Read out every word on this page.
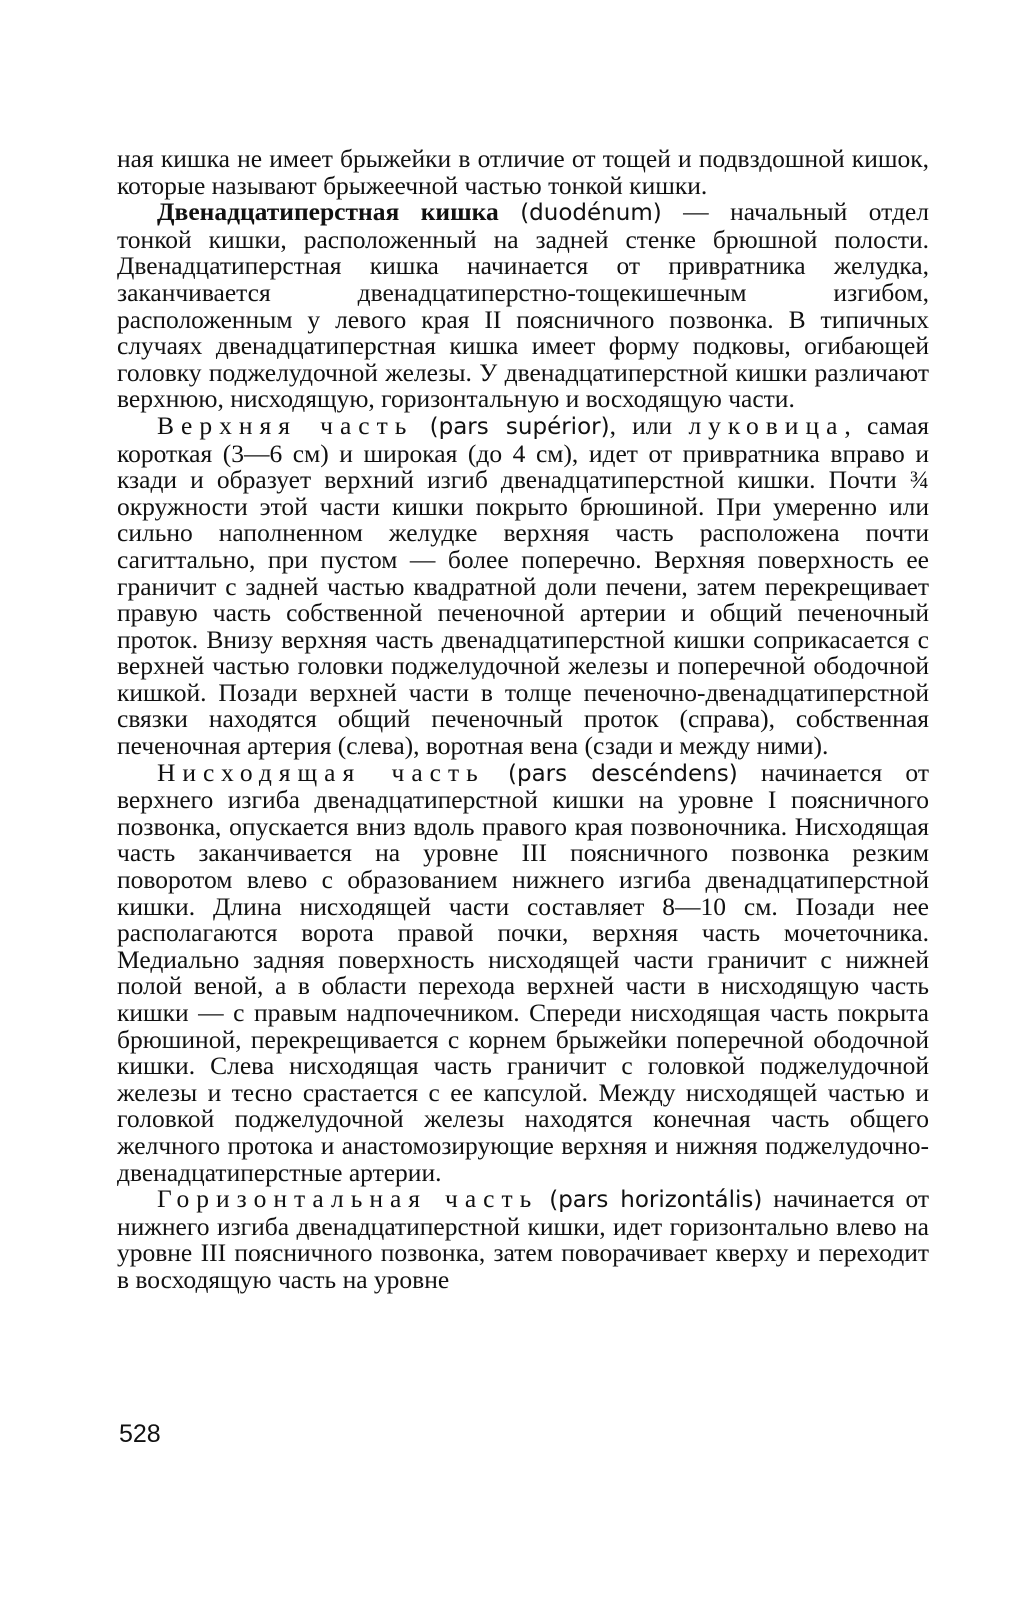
ная кишка не имеет брыжейки в отличие от тощей и подвздошной кишок, которые называют брыжеечной частью тонкой кишки.

Двенадцатиперстная кишка (duodénum) — начальный отдел тонкой кишки, расположенный на задней стенке брюшной полости. Двенадцатиперстная кишка начинается от привратника желудка, заканчивается двенадцатиперстно-тощекишечным изгибом, расположенным у левого края II поясничного позвонка. В типичных случаях двенадцатиперстная кишка имеет форму подковы, огибающей головку поджелудочной железы. У двенадцатиперстной кишки различают верхнюю, нисходящую, горизонтальную и восходящую части.

Верхняя часть (pars supérior), или луковица, самая короткая (3—6 см) и широкая (до 4 см), идет от привратника вправо и кзади и образует верхний изгиб двенадцатиперстной кишки. Почти ¾ окружности этой части кишки покрыто брюшиной. При умеренно или сильно наполненном желудке верхняя часть расположена почти сагиттально, при пустом — более поперечно. Верхняя поверхность ее граничит с задней частью квадратной доли печени, затем перекрещивает правую часть собственной печеночной артерии и общий печеночный проток. Внизу верхняя часть двенадцатиперстной кишки соприкасается с верхней частью головки поджелудочной железы и поперечной ободочной кишкой. Позади верхней части в толще печеночно-двенадцатиперстной связки находятся общий печеночный проток (справа), собственная печеночная артерия (слева), воротная вена (сзади и между ними).

Нисходящая часть (pars descéndens) начинается от верхнего изгиба двенадцатиперстной кишки на уровне I поясничного позвонка, опускается вниз вдоль правого края позвоночника. Нисходящая часть заканчивается на уровне III поясничного позвонка резким поворотом влево с образованием нижнего изгиба двенадцатиперстной кишки. Длина нисходящей части составляет 8—10 см. Позади нее располагаются ворота правой почки, верхняя часть мочеточника. Медиально задняя поверхность нисходящей части граничит с нижней полой веной, а в области перехода верхней части в нисходящую часть кишки — с правым надпочечником. Спереди нисходящая часть покрыта брюшиной, перекрещивается с корнем брыжейки поперечной ободочной кишки. Слева нисходящая часть граничит с головкой поджелудочной железы и тесно срастается с ее капсулой. Между нисходящей частью и головкой поджелудочной железы находятся конечная часть общего желчного протока и анастомозирующие верхняя и нижняя поджелудочно-двенадцатиперстные артерии.

Горизонтальная часть (pars horizontális) начинается от нижнего изгиба двенадцатиперстной кишки, идет горизонтально влево на уровне III поясничного позвонка, затем поворачивает кверху и переходит в восходящую часть на уровне

528
